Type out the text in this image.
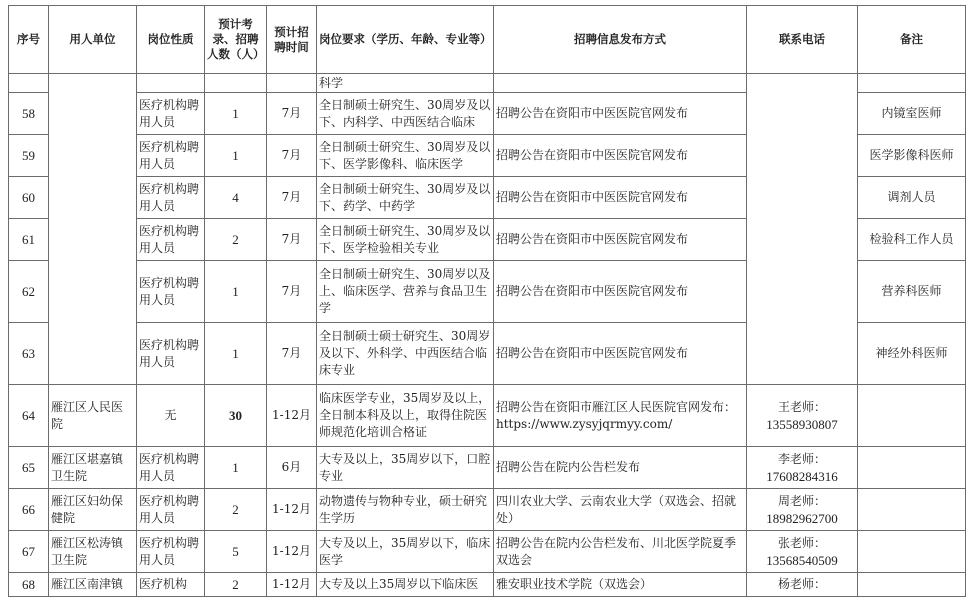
序号	用人单位	岗位性质	预计考录、招聘人数（人）	预计招聘时间	岗位要求（学历、年龄、专业等）	招聘信息发布方式	联系电话	备注
					科学			
58		医疗机构聘用人员	1	7月	全日制硕士研究生、30周岁及以下、内科学、中西医结合临床	招聘公告在资阳市中医医院官网发布		内镜室医师
59		医疗机构聘用人员	1	7月	全日制硕士研究生、30周岁及以下、医学影像科、临床医学	招聘公告在资阳市中医医院官网发布		医学影像科医师
60		医疗机构聘用人员	4	7月	全日制硕士研究生、30周岁及以下、药学、中药学	招聘公告在资阳市中医医院官网发布		调剂人员
61		医疗机构聘用人员	2	7月	全日制硕士研究生、30周岁及以下、医学检验相关专业	招聘公告在资阳市中医医院官网发布		检验科工作人员
62		医疗机构聘用人员	1	7月	全日制硕士研究生、30周岁以及上、临床医学、营养与食品卫生学	招聘公告在资阳市中医医院官网发布		营养科医师
63		医疗机构聘用人员	1	7月	全日制硕士硕士研究生、30周岁及以下、外科学、中西医结合临床专业	招聘公告在资阳市中医医院官网发布		神经外科医师
64	雁江区人民医院	无	30	1-12月	临床医学专业，35周岁及以上，全日制本科及以上，取得住院医师规范化培训合格证	招聘公告在资阳市雁江区人民医院官网发布：https://www.zysyjqrmyy.com/	王老师：
13558930807	

65	雁江区堪嘉镇卫生院	医疗机构聘用人员	1	6月	大专及以上，35周岁以下，口腔专业	招聘公告在院内公告栏发布	李老师：
17608284316	

66	雁江区妇幼保健院	医疗机构聘用人员	2	1-12月	动物遗传与物种专业，硕士研究生学历	四川农业大学、云南农业大学（双选会、招就处）	周老师：
18982962700	

67	雁江区松涛镇卫生院	医疗机构聘用人员	5	1-12月	大专及以上，35周岁以下，临床医学	招聘公告在院内公告栏发布、川北医学院夏季双选会	张老师：
13568540509	

68	雁江区南津镇	医疗机构	2	1-12月	大专及以上35周岁以下临床医	雅安职业技术学院（双选会）	杨老师：	
